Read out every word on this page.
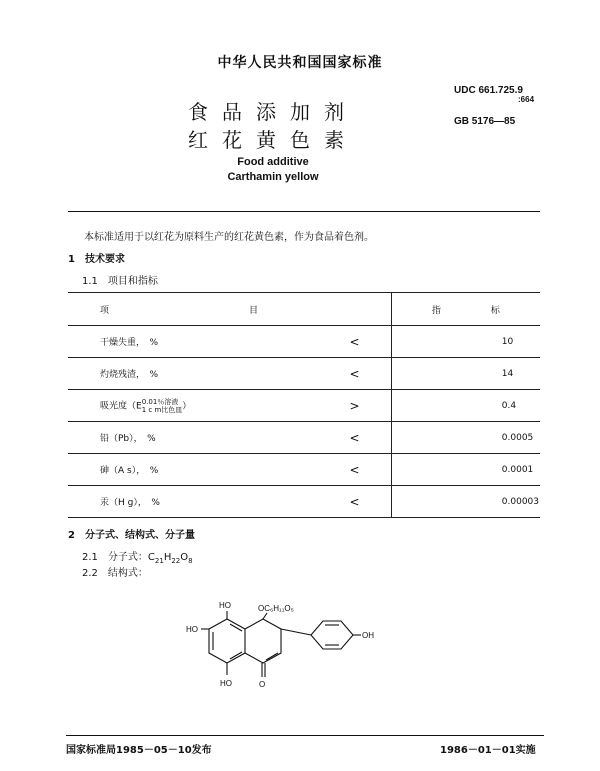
中华人民共和国国家标准
UDC 661.725.9
:664
GB 5176—85
食品添加剂
红花黄色素
Food additive
Carthamin yellow
本标准适用于以红花为原料生产的红花黄色素，作为食品着色剂。
1　技术要求
1.1　项目和指标
项 目		指 标
干燥失重，　%	<	10
灼烧残渣，　%	<	14
吸光度（E 0.01％溶液
1 c m比色皿 ）	>	0.4
铅（Pb），　%	<	0.0005
砷（A s），　%	<	0.0001
汞（H g），　%	<	0.00003
2　分子式、结构式、分子量
2.1　分子式：$C_{21}H_{22}O_8$
2.2　结构式：
HO
HO
HO
OC₆H₁₁O₅
OH
O
国家标准局1985－05－10发布	1986－01－01实施
